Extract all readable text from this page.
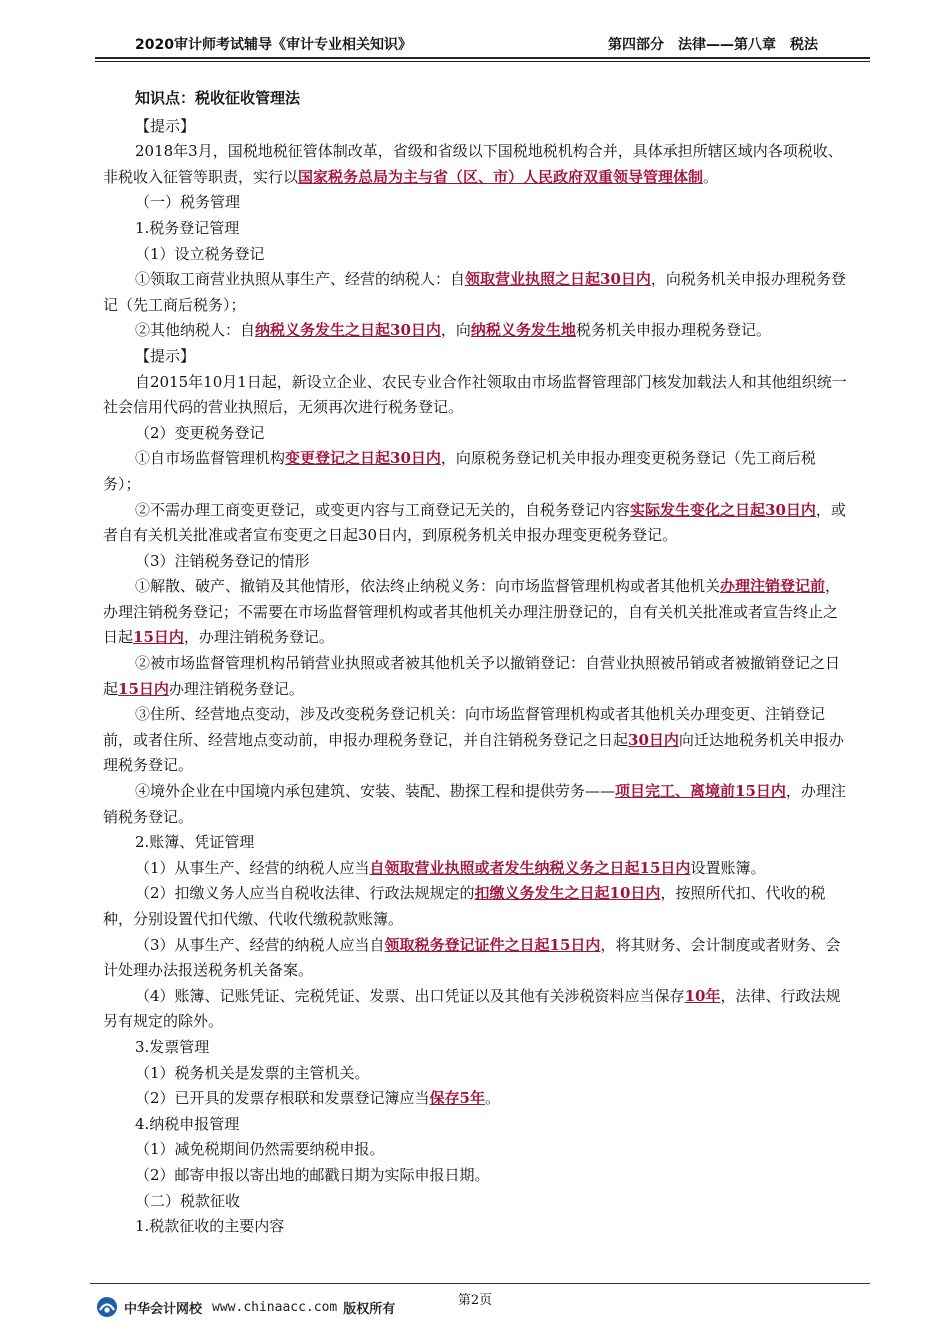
2020审计师考试辅导《审计专业相关知识》	第四部分　法律——第八章　税法

知识点：税收征收管理法

【提示】

2018年3月，国税地税征管体制改革，省级和省级以下国税地税机构合并，具体承担所辖区域内各项税收、非税收入征管等职责，实行以国家税务总局为主与省（区、市）人民政府双重领导管理体制。

（一）税务管理

1.税务登记管理

（1）设立税务登记

①领取工商营业执照从事生产、经营的纳税人：自领取营业执照之日起30日内，向税务机关申报办理税务登记（先工商后税务）；

②其他纳税人：自纳税义务发生之日起30日内，向纳税义务发生地税务机关申报办理税务登记。

【提示】

自2015年10月1日起，新设立企业、农民专业合作社领取由市场监督管理部门核发加载法人和其他组织统一社会信用代码的营业执照后，无须再次进行税务登记。

（2）变更税务登记

①自市场监督管理机构变更登记之日起30日内，向原税务登记机关申报办理变更税务登记（先工商后税务）；

②不需办理工商变更登记，或变更内容与工商登记无关的，自税务登记内容实际发生变化之日起30日内，或者自有关机关批准或者宣布变更之日起30日内，到原税务机关申报办理变更税务登记。

（3）注销税务登记的情形

①解散、破产、撤销及其他情形，依法终止纳税义务：向市场监督管理机构或者其他机关办理注销登记前，办理注销税务登记；不需要在市场监督管理机构或者其他机关办理注册登记的，自有关机关批准或者宣告终止之日起15日内，办理注销税务登记。

②被市场监督管理机构吊销营业执照或者被其他机关予以撤销登记：自营业执照被吊销或者被撤销登记之日起15日内办理注销税务登记。

③住所、经营地点变动，涉及改变税务登记机关：向市场监督管理机构或者其他机关办理变更、注销登记前，或者住所、经营地点变动前，申报办理税务登记，并自注销税务登记之日起30日内向迁达地税务机关申报办理税务登记。

④境外企业在中国境内承包建筑、安装、装配、勘探工程和提供劳务——项目完工、离境前15日内，办理注销税务登记。

2.账簿、凭证管理

（1）从事生产、经营的纳税人应当自领取营业执照或者发生纳税义务之日起15日内设置账簿。

（2）扣缴义务人应当自税收法律、行政法规规定的扣缴义务发生之日起10日内，按照所代扣、代收的税种，分别设置代扣代缴、代收代缴税款账簿。

（3）从事生产、经营的纳税人应当自领取税务登记证件之日起15日内，将其财务、会计制度或者财务、会计处理办法报送税务机关备案。

（4）账簿、记账凭证、完税凭证、发票、出口凭证以及其他有关涉税资料应当保存10年，法律、行政法规另有规定的除外。

3.发票管理

（1）税务机关是发票的主管机关。

（2）已开具的发票存根联和发票登记簿应当保存5年。

4.纳税申报管理

（1）减免税期间仍然需要纳税申报。

（2）邮寄申报以寄出地的邮戳日期为实际申报日期。

（二）税款征收

1.税款征收的主要内容

第2页
中华会计网校 www.chinaacc.com 版权所有
